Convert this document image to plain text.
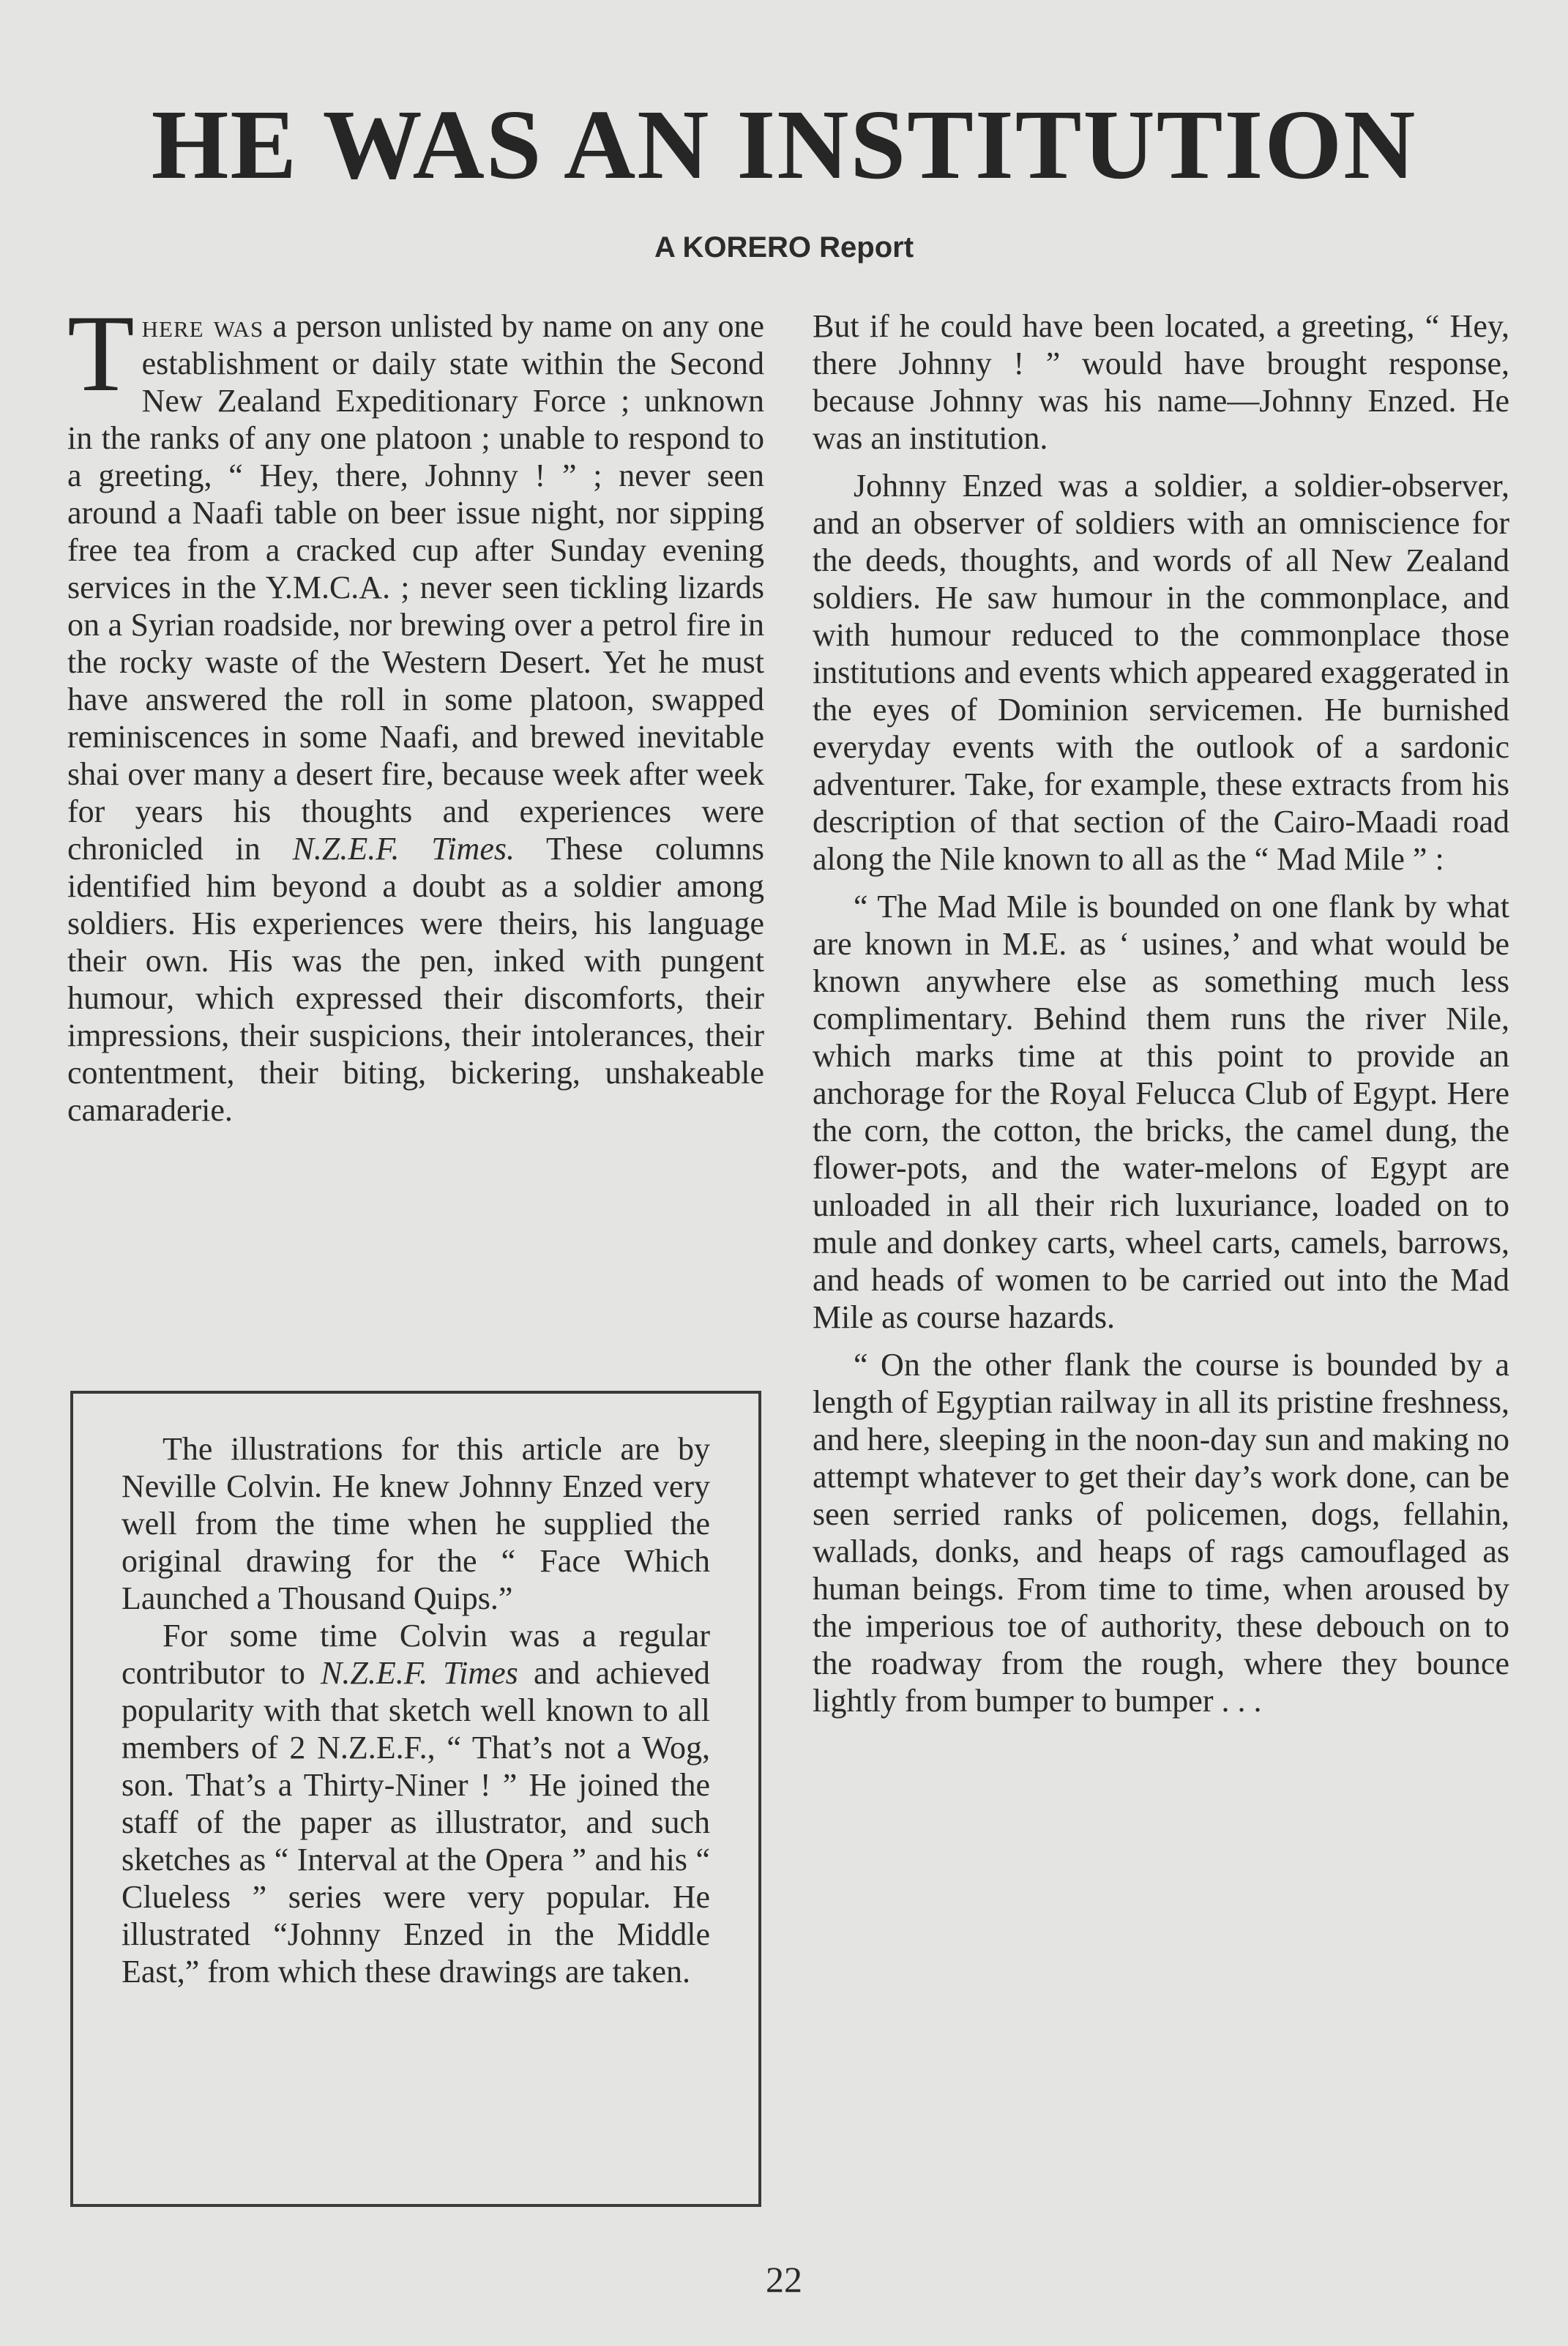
HE WAS AN INSTITUTION
A KORERO Report

There was a person unlisted by name on any one establishment or daily state within the Second New Zealand Expeditionary Force ; unknown in the ranks of any one platoon ; unable to respond to a greeting, “ Hey, there, Johnny ! ” ; never seen around a Naafi table on beer issue night, nor sipping free tea from a cracked cup after Sunday evening services in the Y.M.C.A. ; never seen tickling lizards on a Syrian roadside, nor brewing over a petrol fire in the rocky waste of the Western Desert. Yet he must have answered the roll in some platoon, swapped reminiscences in some Naafi, and brewed inevitable shai over many a desert fire, because week after week for years his thoughts and experiences were chronicled in N.Z.E.F. Times. These columns identified him beyond a doubt as a soldier among soldiers. His experiences were theirs, his language their own. His was the pen, inked with pungent humour, which expressed their discomforts, their impressions, their suspicions, their intolerances, their contentment, their biting, bickering, unshakeable camaraderie.

The illustrations for this article are by Neville Colvin. He knew Johnny Enzed very well from the time when he supplied the original drawing for the “ Face Which Launched a Thousand Quips.”

For some time Colvin was a regular contributor to N.Z.E.F. Times and achieved popularity with that sketch well known to all members of 2 N.Z.E.F., “ That’s not a Wog, son. That’s a Thirty-Niner ! ” He joined the staff of the paper as illustrator, and such sketches as “ Interval at the Opera ” and his “ Clueless ” series were very popular. He illustrated “Johnny Enzed in the Middle East,” from which these drawings are taken.

But if he could have been located, a greeting, “ Hey, there Johnny ! ” would have brought response, because Johnny was his name—Johnny Enzed. He was an institution.

Johnny Enzed was a soldier, a soldier-observer, and an observer of soldiers with an omniscience for the deeds, thoughts, and words of all New Zealand soldiers. He saw humour in the commonplace, and with humour reduced to the commonplace those institutions and events which appeared exaggerated in the eyes of Dominion servicemen. He burnished everyday events with the outlook of a sardonic adventurer. Take, for example, these extracts from his description of that section of the Cairo-Maadi road along the Nile known to all as the “ Mad Mile ” :

“ The Mad Mile is bounded on one flank by what are known in M.E. as ‘ usines,’ and what would be known anywhere else as something much less complimentary. Behind them runs the river Nile, which marks time at this point to provide an anchorage for the Royal Felucca Club of Egypt. Here the corn, the cotton, the bricks, the camel dung, the flower-pots, and the water-melons of Egypt are unloaded in all their rich luxuriance, loaded on to mule and donkey carts, wheel carts, camels, barrows, and heads of women to be carried out into the Mad Mile as course hazards.

“ On the other flank the course is bounded by a length of Egyptian railway in all its pristine freshness, and here, sleeping in the noon-day sun and making no attempt whatever to get their day’s work done, can be seen serried ranks of policemen, dogs, fellahin, wallads, donks, and heaps of rags camouflaged as human beings. From time to time, when aroused by the imperious toe of authority, these debouch on to the roadway from the rough, where they bounce lightly from bumper to bumper . . .

22
